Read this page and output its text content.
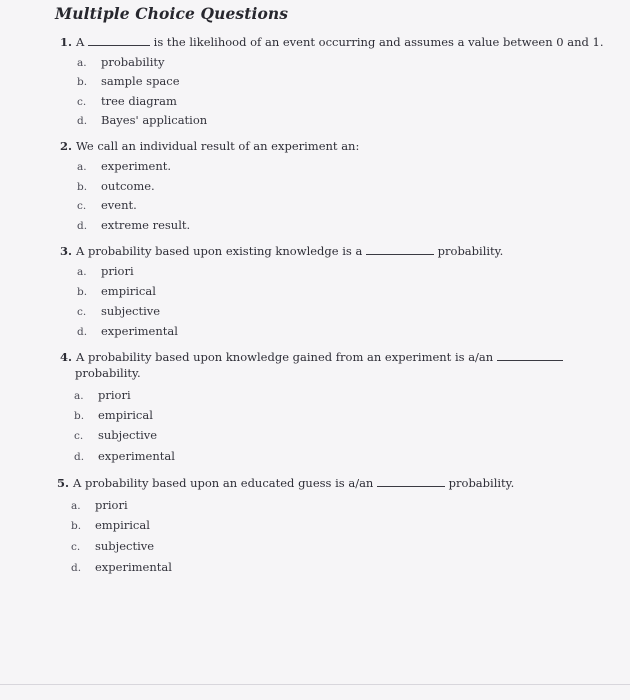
Multiple Choice Questions
1. A	is the likelihood of an event occurring and assumes a value between 0 and 1.
a. probability
b. sample space
c. tree diagram
d. Bayes' application
2. We call an individual result of an experiment an:
a. experiment.
b. outcome.
c. event.
d. extreme result.
3. A probability based upon existing knowledge is a	probability.
a. priori
b. empirical
c. subjective
d. experimental
4. A probability based upon knowledge gained from an experiment is a/an
probability.
a. priori
b. empirical
c. subjective
d. experimental
5. A probability based upon an educated guess is a/an	probability.
a. priori
b. empirical
c. subjective
d. experimental
